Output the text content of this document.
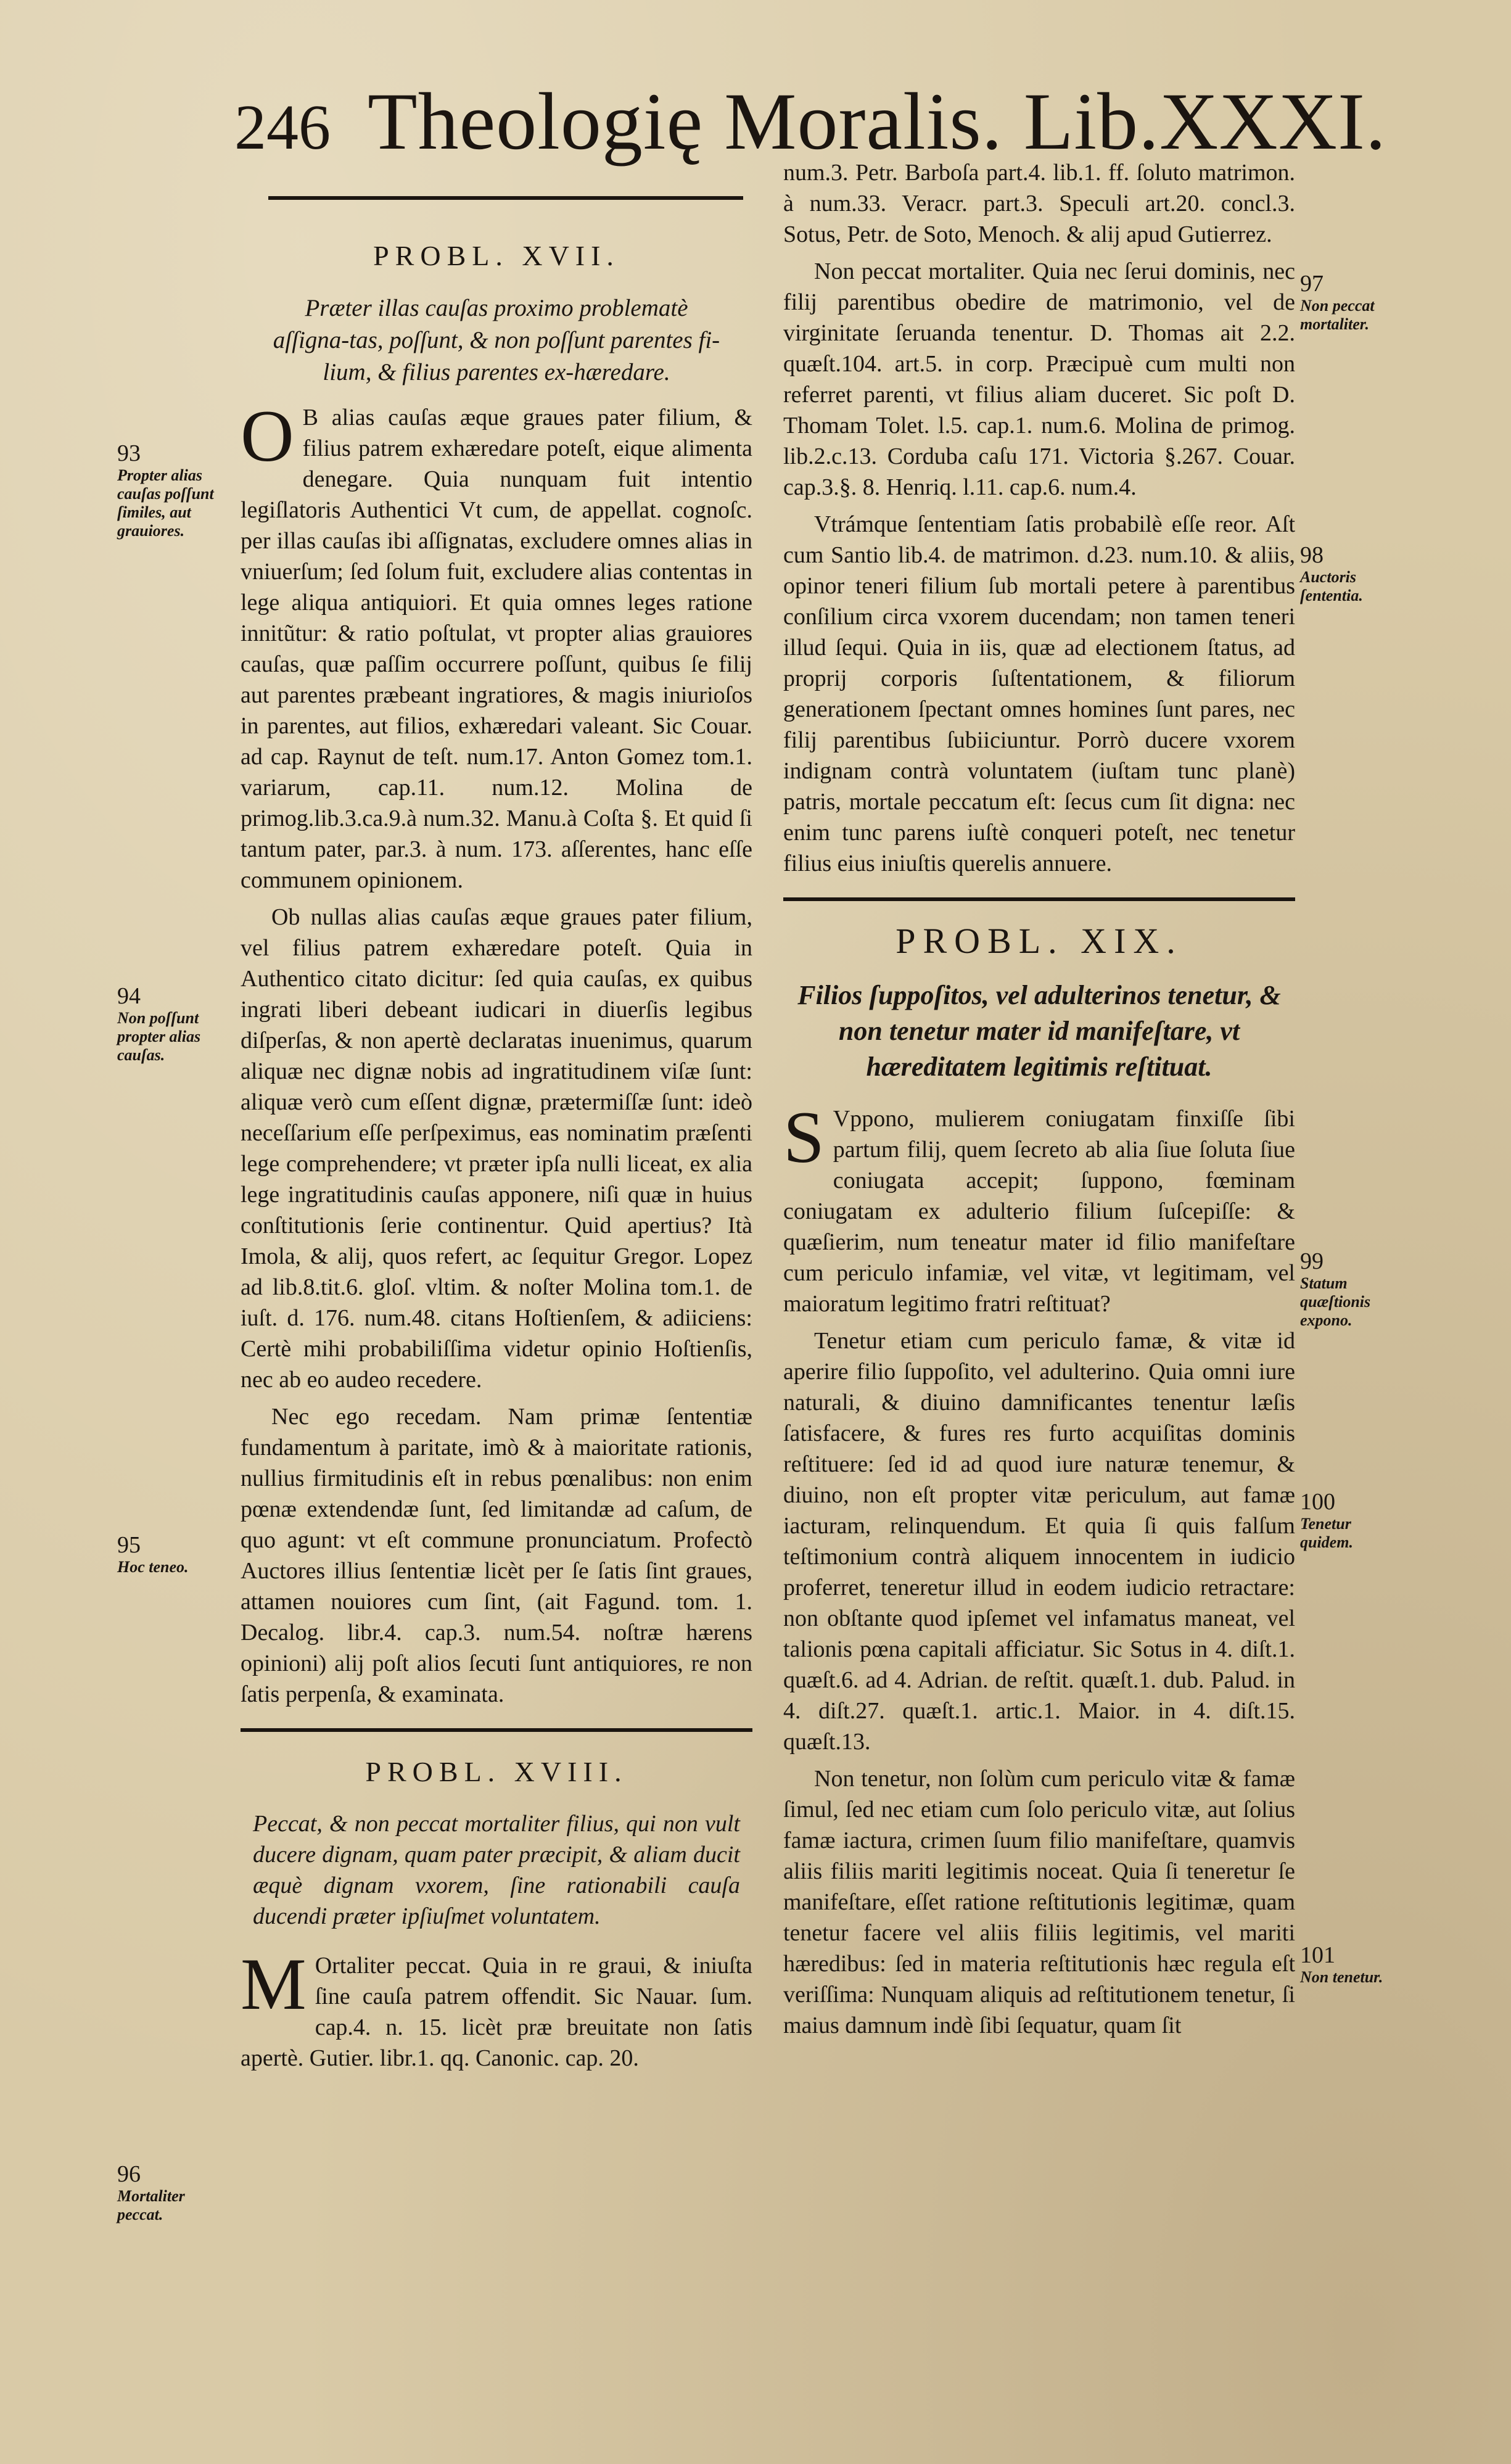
246 Theologię Moralis. Lib.XXXI.
PROBL. XVII.

Præter illas cauſas proximo problematè aſſigna-tas, poſſunt, & non poſſunt parentes fi-lium, & filius parentes ex-hæredare.

O B alias cauſas æque graues pater filium, & filius patrem exhæredare poteſt, eique alimenta denegare. Quia nunquam fuit intentio legiſlatoris Authentici Vt cum, de appellat. cognoſc. per illas cauſas ibi aſſignatas, excludere omnes alias in vniuerſum; ſed ſolum fuit, excludere alias contentas in lege aliqua antiquiori. Et quia omnes leges ratione innitũtur: & ratio poſtulat, vt propter alias grauiores cauſas, quæ paſſim occurrere poſſunt, quibus ſe filij aut parentes præbeant ingratiores, & magis iniurioſos in parentes, aut filios, exhæredari valeant. Sic Couar. ad cap. Raynut de teſt. num.17. Anton Gomez tom.1. variarum, cap.11. num.12. Molina de primog.lib.3.ca.9.à num.32. Manu.à Coſta §. Et quid ſi tantum pater, par.3. à num. 173. aſſerentes, hanc eſſe communem opinionem.

Ob nullas alias cauſas æque graues pater filium, vel filius patrem exhæredare poteſt. Quia in Authentico citato dicitur: ſed quia cauſas, ex quibus ingrati liberi debeant iudicari in diuerſis legibus diſperſas, & non apertè declaratas inuenimus, quarum aliquæ nec dignæ nobis ad ingratitudinem viſæ ſunt: aliquæ verò cum eſſent dignæ, prætermiſſæ ſunt: ideò neceſſarium eſſe perſpeximus, eas nominatim præſenti lege comprehendere; vt præter ipſa nulli liceat, ex alia lege ingratitudinis cauſas apponere, niſi quæ in huius conſtitutionis ſerie continentur. Quid apertius? Ità Imola, & alij, quos refert, ac ſequitur Gregor. Lopez ad lib.8.tit.6. gloſ. vltim. & noſter Molina tom.1. de iuſt. d. 176. num.48. citans Hoſtienſem, & adiiciens: Certè mihi probabiliſſima videtur opinio Hoſtienſis, nec ab eo audeo recedere.

Nec ego recedam. Nam primæ ſententiæ fundamentum à paritate, imò & à maioritate rationis, nullius firmitudinis eſt in rebus pœnalibus: non enim pœnæ extendendæ ſunt, ſed limitandæ ad caſum, de quo agunt: vt eſt commune pronunciatum. Profectò Auctores illius ſententiæ licèt per ſe ſatis ſint graues, attamen nouiores cum ſint, (ait Fagund. tom. 1. Decalog. libr.4. cap.3. num.54. noſtræ hærens opinioni) alij poſt alios ſecuti ſunt antiquiores, re non ſatis perpenſa, & examinata.

PROBL. XVIII.

Peccat, & non peccat mortaliter filius, qui non vult ducere dignam, quam pater præcipit, & aliam ducit æquè dignam vxorem, ſine rationabili cauſa ducendi præter ipſiuſmet voluntatem.

M Ortaliter peccat. Quia in re graui, & iniuſta ſine cauſa patrem offendit. Sic Nauar. ſum. cap.4. n. 15. licèt præ breuitate non ſatis apertè. Gutier. libr.1. qq. Canonic. cap. 20.

num.3. Petr. Barboſa part.4. lib.1. ff. ſoluto matrimon. à num.33. Veracr. part.3. Speculi art.20. concl.3. Sotus, Petr. de Soto, Menoch. & alij apud Gutierrez.

Non peccat mortaliter. Quia nec ſerui dominis, nec filij parentibus obedire de matrimonio, vel de virginitate ſeruanda tenentur. D. Thomas ait 2.2. quæſt.104. art.5. in corp. Præcipuè cum multi non referret parenti, vt filius aliam duceret. Sic poſt D. Thomam Tolet. l.5. cap.1. num.6. Molina de primog. lib.2.c.13. Corduba caſu 171. Victoria §.267. Couar. cap.3.§. 8. Henriq. l.11. cap.6. num.4.

Vtrámque ſententiam ſatis probabilè eſſe reor. Aſt cum Santio lib.4. de matrimon. d.23. num.10. & aliis, opinor teneri filium ſub mortali petere à parentibus conſilium circa vxorem ducendam; non tamen teneri illud ſequi. Quia in iis, quæ ad electionem ſtatus, ad proprij corporis ſuſtentationem, & filiorum generationem ſpectant omnes homines ſunt pares, nec filij parentibus ſubiiciuntur. Porrò ducere vxorem indignam contrà voluntatem (iuſtam tunc planè) patris, mortale peccatum eſt: ſecus cum ſit digna: nec enim tunc parens iuſtè conqueri poteſt, nec tenetur filius eius iniuſtis querelis annuere.

PROBL. XIX.

Filios ſuppoſitos, vel adulterinos tenetur, & non tenetur mater id manifeſtare, vt hæreditatem legitimis reſtituat.

S Vppono, mulierem coniugatam finxiſſe ſibi partum filij, quem ſecreto ab alia ſiue ſoluta ſiue coniugata accepit; ſuppono, fœminam coniugatam ex adulterio filium ſuſcepiſſe: & quæſierim, num teneatur mater id filio manifeſtare cum periculo infamiæ, vel vitæ, vt legitimam, vel maioratum legitimo fratri reſtituat?

Tenetur etiam cum periculo famæ, & vitæ id aperire filio ſuppoſito, vel adulterino. Quia omni iure naturali, & diuino damnificantes tenentur læſis ſatisfacere, & fures res furto acquiſitas dominis reſtituere: ſed id ad quod iure naturæ tenemur, & diuino, non eſt propter vitæ periculum, aut famæ iacturam, relinquendum. Et quia ſi quis falſum teſtimonium contrà aliquem innocentem in iudicio proferret, teneretur illud in eodem iudicio retractare: non obſtante quod ipſemet vel infamatus maneat, vel talionis pœna capitali afficiatur. Sic Sotus in 4. diſt.1. quæſt.6. ad 4. Adrian. de reſtit. quæſt.1. dub. Palud. in 4. diſt.27. quæſt.1. artic.1. Maior. in 4. diſt.15. quæſt.13.

Non tenetur, non ſolùm cum periculo vitæ & famæ ſimul, ſed nec etiam cum ſolo periculo vitæ, aut ſolius famæ iactura, crimen ſuum filio manifeſtare, quamvis aliis filiis mariti legitimis noceat. Quia ſi teneretur ſe manifeſtare, eſſet ratione reſtitutionis legitimæ, quam tenetur facere vel aliis filiis legitimis, vel mariti hæredibus: ſed in materia reſtitutionis hæc regula eſt veriſſima: Nunquam aliquis ad reſtitutionem tenetur, ſi maius damnum indè ſibi ſequatur, quam ſit

93
Propter alias cauſas poſſunt ſimiles, aut grauiores.
94
Non poſſunt propter alias cauſas.
95
Hoc teneo.
96
Mortaliter peccat.
97
Non peccat mortaliter.
98
Auctoris ſententia.
99
Statum quæſtionis expono.
100
Tenetur quidem.
101
Non tenetur.
